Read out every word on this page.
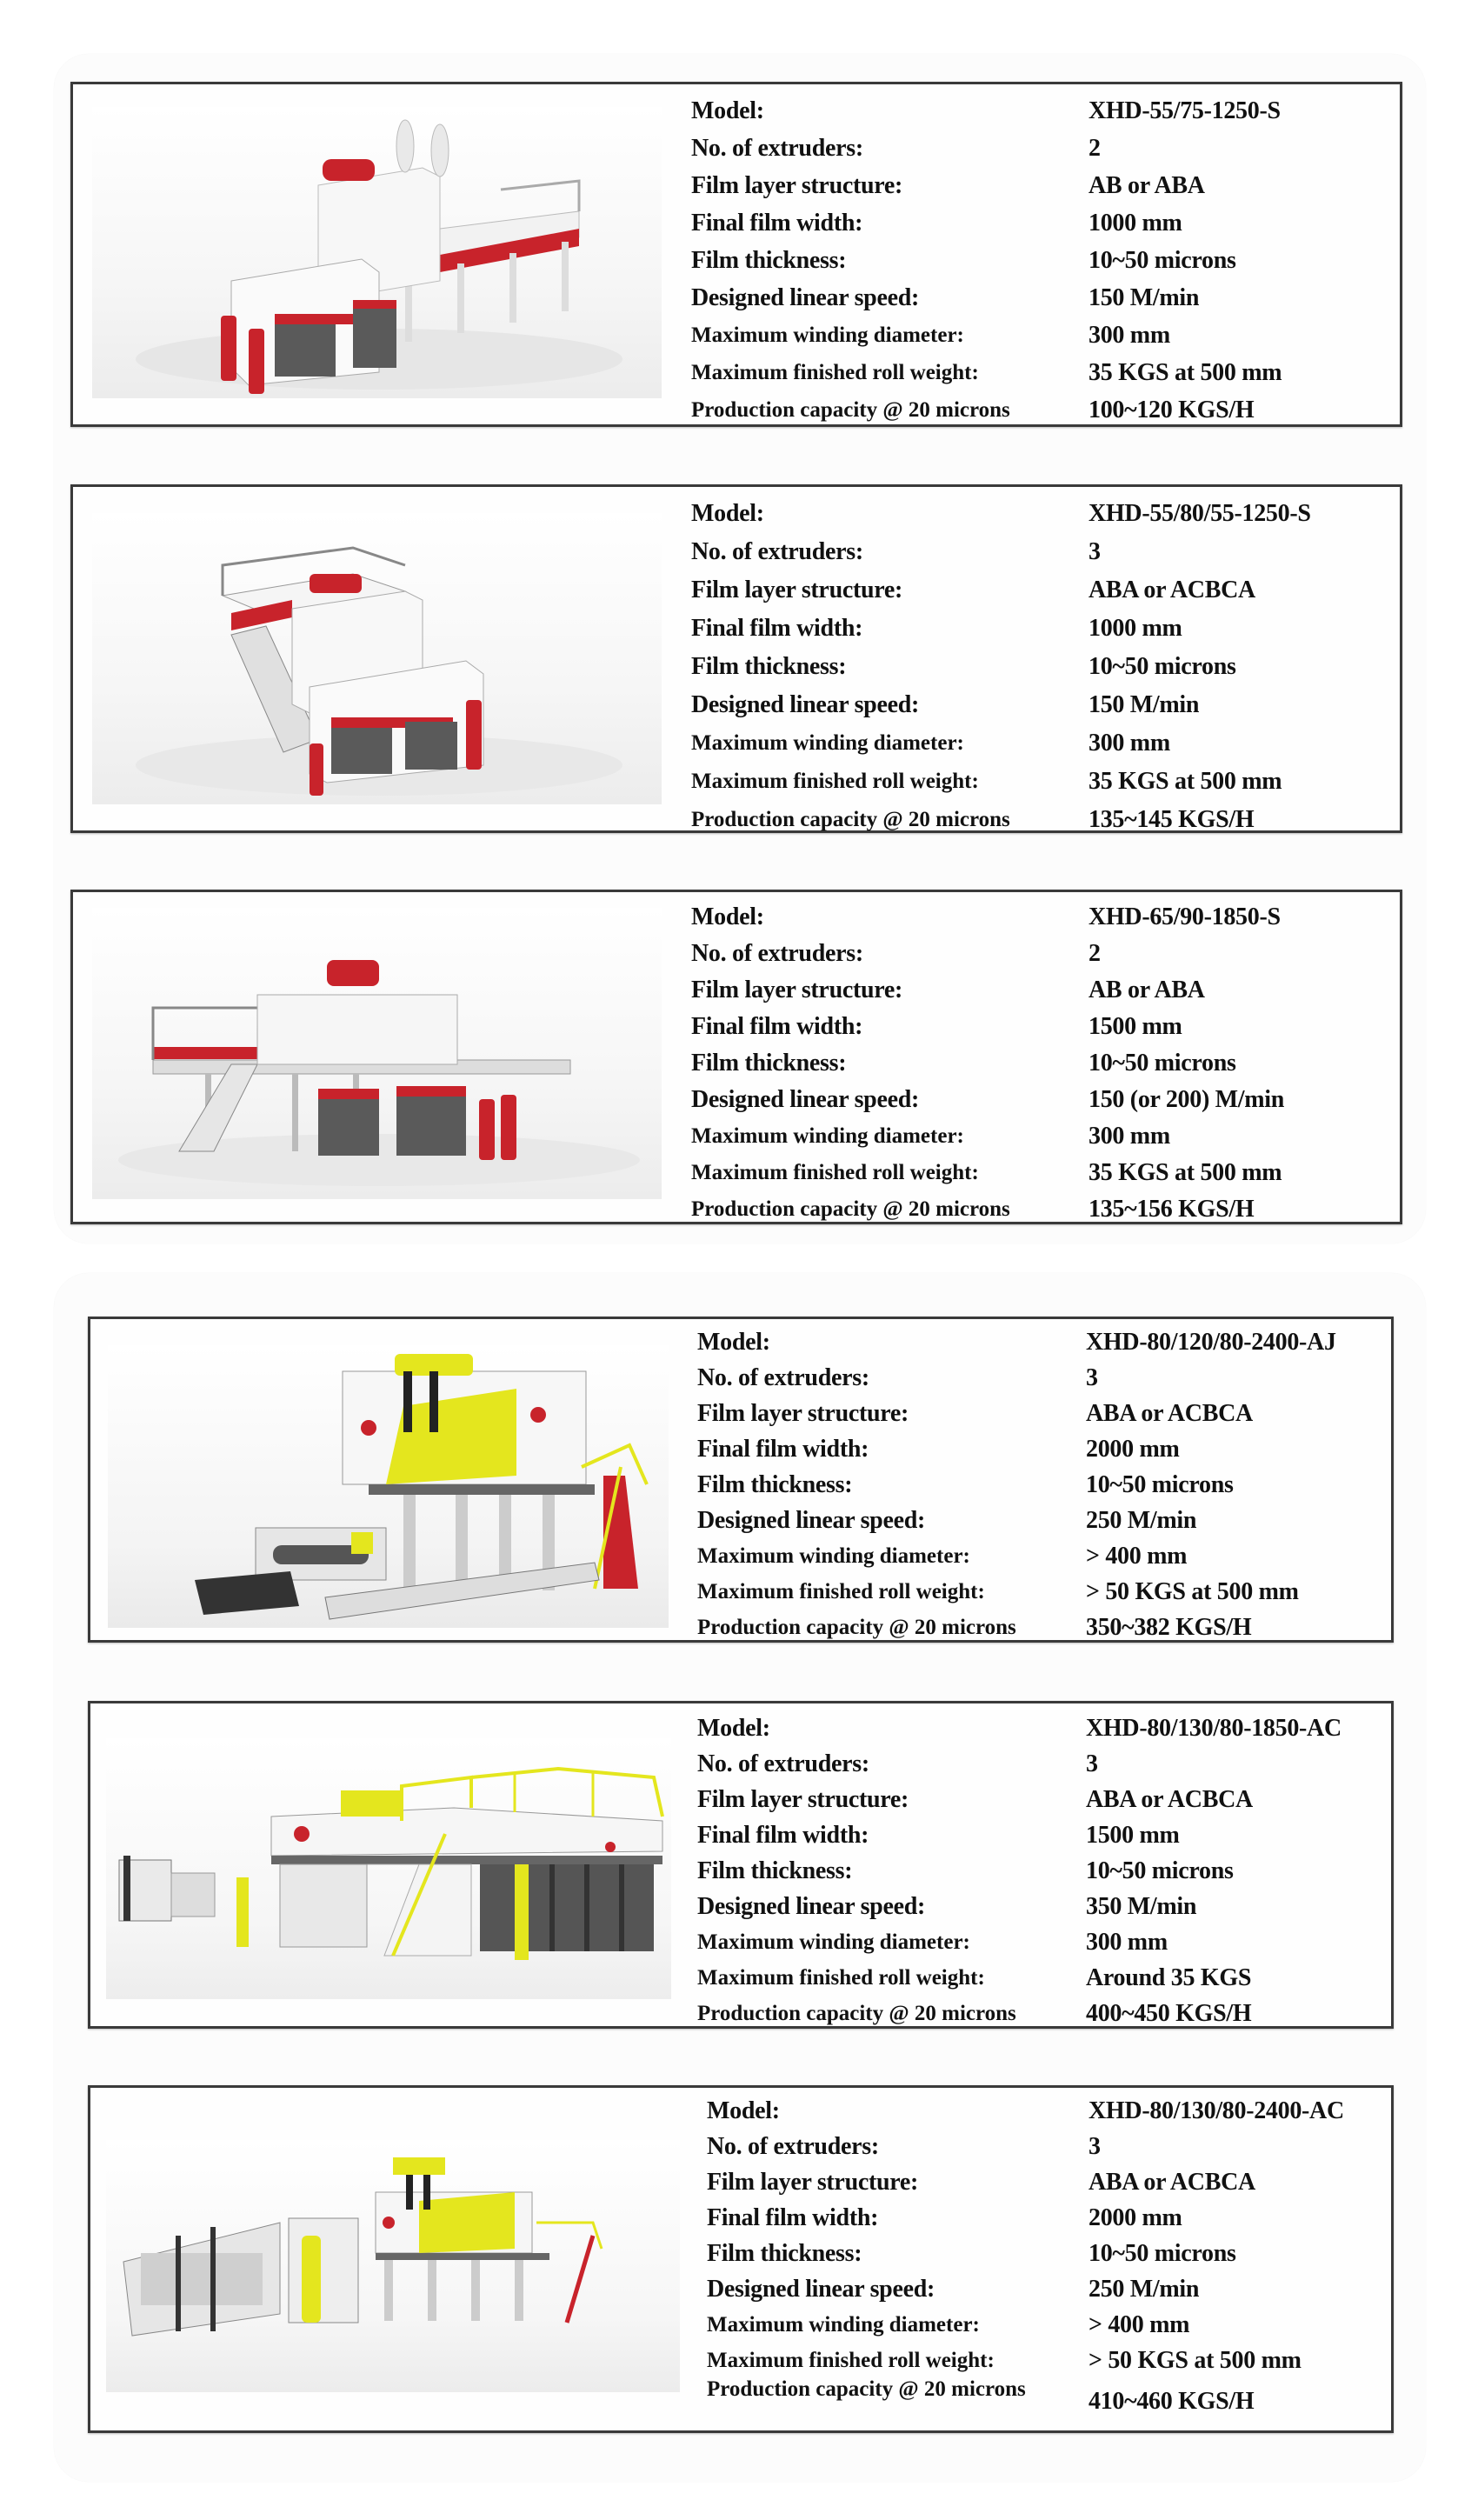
Model:	XHD-55/75-1250-S
No. of extruders:	2
Film layer structure:	AB or ABA
Final film width:	1000 mm
Film thickness:	10~50 microns
Designed linear speed:	150 M/min
Maximum winding diameter:	300 mm
Maximum finished roll weight:	35 KGS at 500 mm
Production capacity @ 20 microns	100~120 KGS/H
Model:	XHD-55/80/55-1250-S
No. of extruders:	3
Film layer structure:	ABA or ACBCA
Final film width:	1000 mm
Film thickness:	10~50 microns
Designed linear speed:	150 M/min
Maximum winding diameter:	300 mm
Maximum finished roll weight:	35 KGS at 500 mm
Production capacity @ 20 microns	135~145 KGS/H
Model:	XHD-65/90-1850-S
No. of extruders:	2
Film layer structure:	AB or ABA
Final film width:	1500 mm
Film thickness:	10~50 microns
Designed linear speed:	150 (or 200) M/min
Maximum winding diameter:	300 mm
Maximum finished roll weight:	35 KGS at 500 mm
Production capacity @ 20 microns	135~156 KGS/H
Model:	XHD-80/120/80-2400-AJ
No. of extruders:	3
Film layer structure:	ABA or ACBCA
Final film width:	2000 mm
Film thickness:	10~50 microns
Designed linear speed:	250 M/min
Maximum winding diameter:	> 400 mm
Maximum finished roll weight:	> 50 KGS at 500 mm
Production capacity @ 20 microns	350~382 KGS/H
Model:	XHD-80/130/80-1850-AC
No. of extruders:	3
Film layer structure:	ABA or ACBCA
Final film width:	1500 mm
Film thickness:	10~50 microns
Designed linear speed:	350 M/min
Maximum winding diameter:	300 mm
Maximum finished roll weight:	Around 35 KGS
Production capacity @ 20 microns	400~450 KGS/H
Model:	XHD-80/130/80-2400-AC
No. of extruders:	3
Film layer structure:	ABA or ACBCA
Final film width:	2000 mm
Film thickness:	10~50 microns
Designed linear speed:	250 M/min
Maximum winding diameter:	> 400 mm
Maximum finished roll weight:	> 50 KGS at 500 mm
Production capacity @ 20 microns	410~460 KGS/H
